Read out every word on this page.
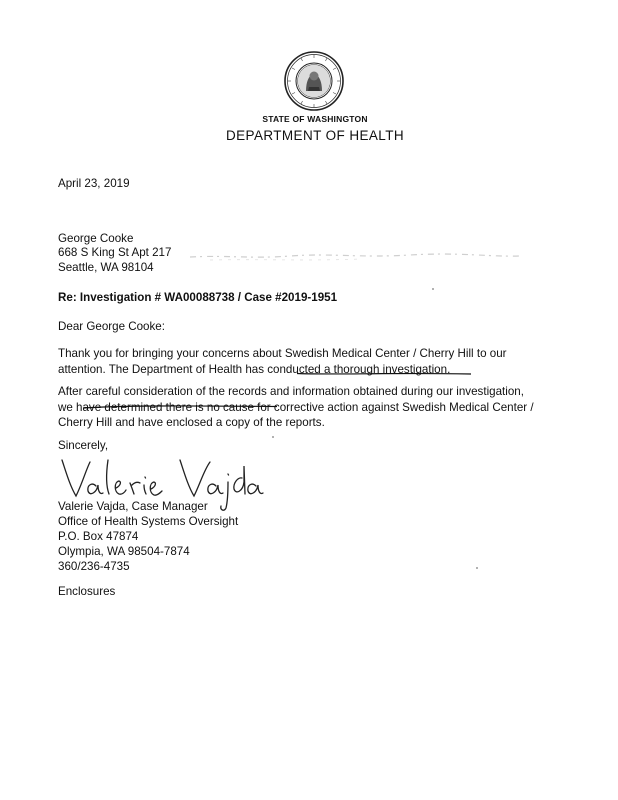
STATE OF WASHINGTON
DEPARTMENT OF HEALTH
April 23, 2019
George Cooke
668 S King St Apt 217
Seattle, WA 98104
Re: Investigation # WA00088738 / Case #2019-1951
Dear George Cooke:
Thank you for bringing your concerns about Swedish Medical Center / Cherry Hill to our
attention. The Department of Health has conducted a thorough investigation.
After careful consideration of the records and information obtained during our investigation,
we have determined there is no cause for corrective action against Swedish Medical Center /
Cherry Hill and have enclosed a copy of the reports.
Sincerely,
Valerie Vajda, Case Manager
Office of Health Systems Oversight
P.O. Box 47874
Olympia, WA 98504-7874
360/236-4735
Enclosures
